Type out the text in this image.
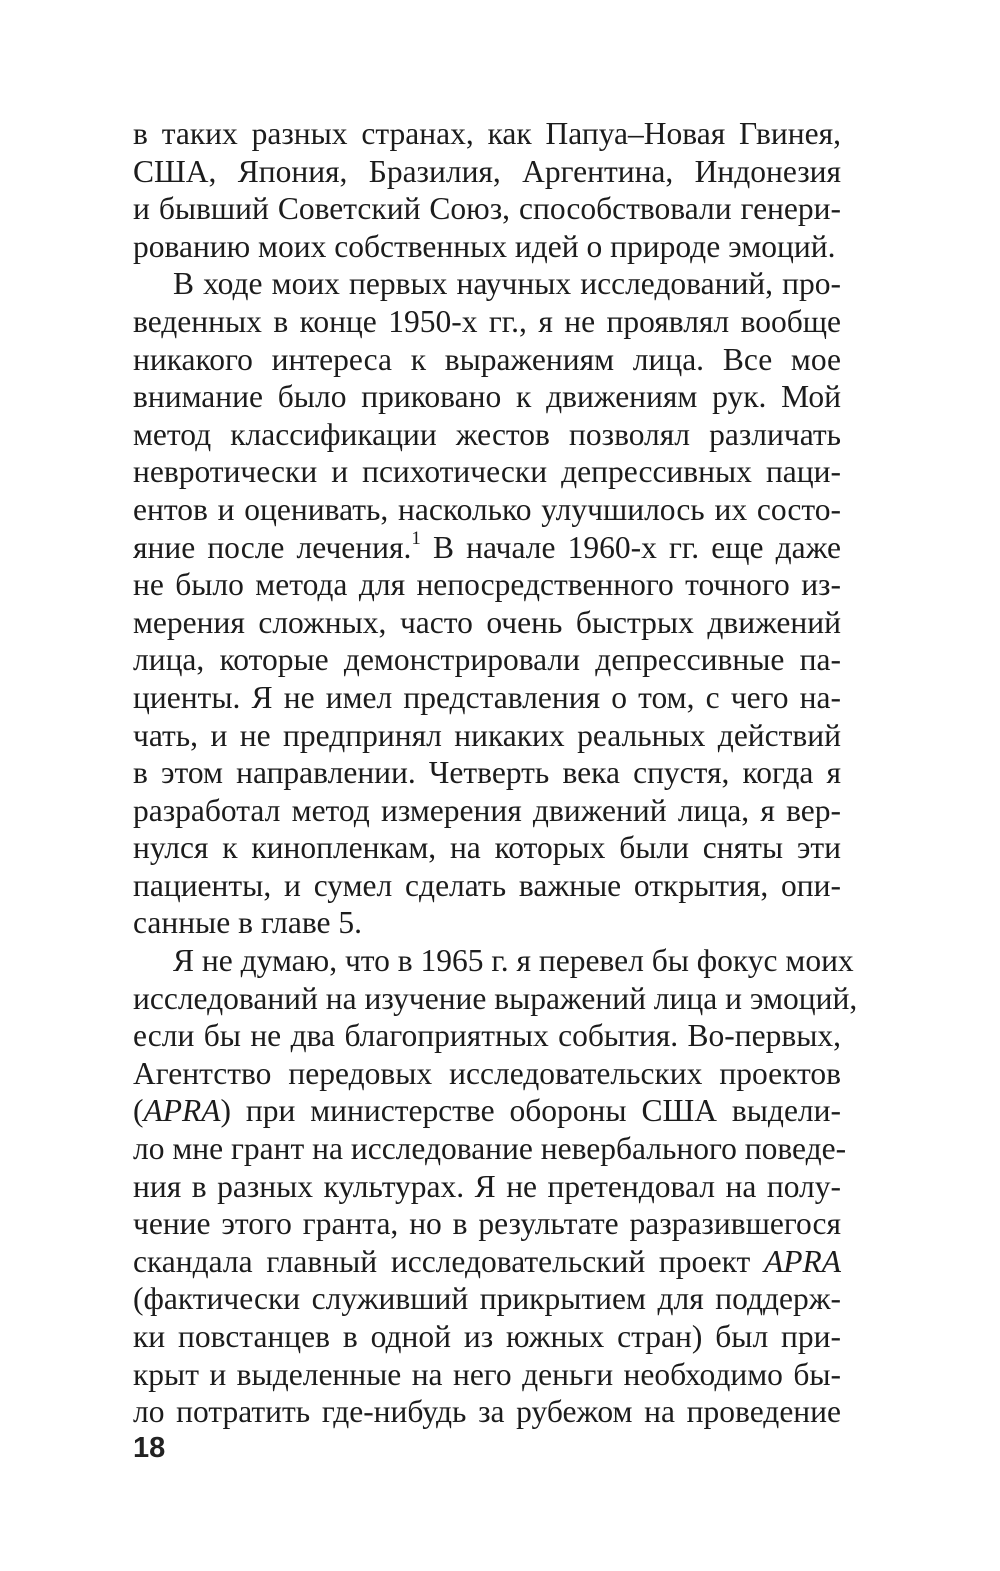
в таких разных странах, как Папуа–Новая Гвинея,
США, Япония, Бразилия, Аргентина, Индонезия
и бывший Советский Союз, способствовали генери-
рованию моих собственных идей о природе эмоций.
В ходе моих первых научных исследований, про-
веденных в конце 1950-х гг., я не проявлял вообще
никакого интереса к выражениям лица. Все мое
внимание было приковано к движениям рук. Мой
метод классификации жестов позволял различать
невротически и психотически депрессивных паци-
ентов и оценивать, насколько улучшилось их состо-
яние после лечения.$^1$ В начале 1960-х гг. еще даже
не было метода для непосредственного точного из-
мерения сложных, часто очень быстрых движений
лица, которые демонстрировали депрессивные па-
циенты. Я не имел представления о том, с чего на-
чать, и не предпринял никаких реальных действий
в этом направлении. Четверть века спустя, когда я
разработал метод измерения движений лица, я вер-
нулся к кинопленкам, на которых были сняты эти
пациенты, и сумел сделать важные открытия, опи-
санные в главе 5.
Я не думаю, что в 1965 г. я перевел бы фокус моих
исследований на изучение выражений лица и эмоций,
если бы не два благоприятных события. Во-первых,
Агентство передовых исследовательских проектов
(APRA) при министерстве обороны США выдели-
ло мне грант на исследование невербального поведе-
ния в разных культурах. Я не претендовал на полу-
чение этого гранта, но в результате разразившегося
скандала главный исследовательский проект APRA
(фактически служивший прикрытием для поддерж-
ки повстанцев в одной из южных стран) был при-
крыт и выделенные на него деньги необходимо бы-
ло потратить где-нибудь за рубежом на проведение
18
